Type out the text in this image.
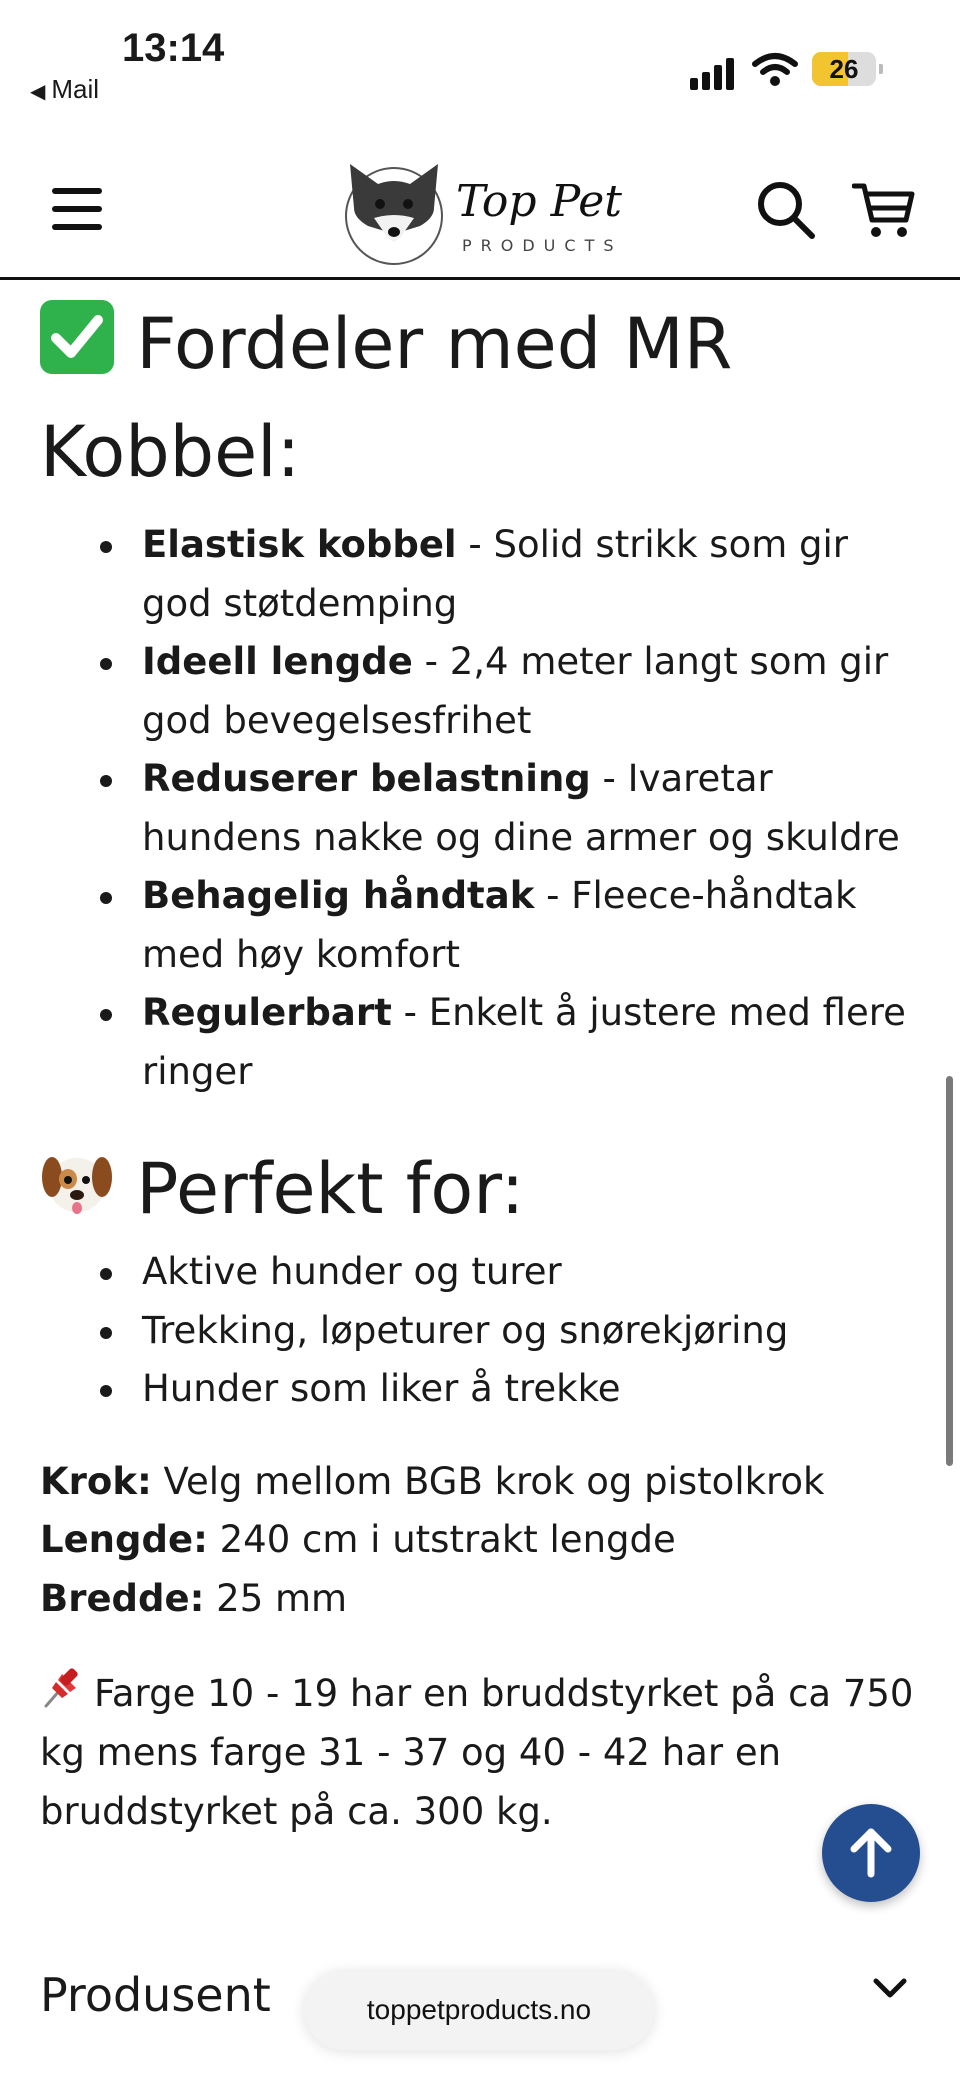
13:14
◀ Mail
26
Top Pet
PRODUCTS
Fordeler med MR
Kobbel:
Elastisk kobbel - Solid strikk som gir god støtdemping
Ideell lengde - 2,4 meter langt som gir god bevegelsesfrihet
Reduserer belastning - Ivaretar hundens nakke og dine armer og skuldre
Behagelig håndtak - Fleece-håndtak med høy komfort
Regulerbart - Enkelt å justere med flere ringer
Perfekt for:
Aktive hunder og turer
Trekking, løpeturer og snørekjøring
Hunder som liker å trekke
Krok: Velg mellom BGB krok og pistolkrok
Lengde: 240 cm i utstrakt lengde
Bredde: 25 mm
Farge 10 - 19 har en bruddstyrket på ca 750 kg mens farge 31 - 37 og 40 - 42 har en bruddstyrket på ca. 300 kg.
Produsent	toppetproducts.no
